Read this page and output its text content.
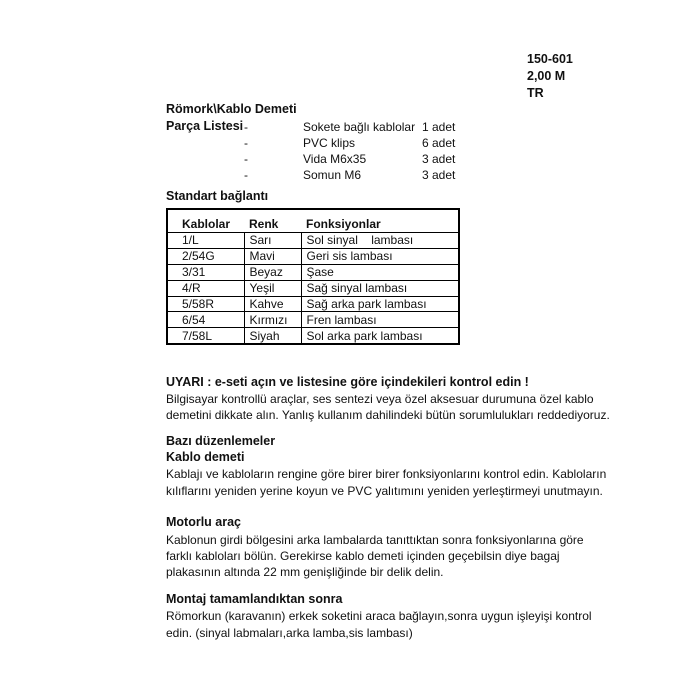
150-601
2,00 M
TR
Römork\Kablo Demeti
Parça Listesi -	Sokete bağlı kablolar 1 adet
-	PVC klips	6 adet
-	Vida M6x35	3 adet
-	Somun M6	3 adet
Standart bağlantı
Kablolar	Renk	Fonksiyonlar
1/L	Sarı	Sol sinyal    lambası
2/54G	Mavi	Geri sis lambası
3/31	Beyaz	Şase
4/R	Yeşil	Sağ sinyal lambası
5/58R	Kahve	Sağ arka park lambası
6/54	Kırmızı	Fren lambası
7/58L	Siyah	Sol arka park lambası
UYARI : e-seti açın ve listesine göre içindekileri kontrol edin !
Bilgisayar kontrollü araçlar, ses sentezi veya özel aksesuar durumuna özel kablo
demetini dikkate alın. Yanlış kullanım dahilindeki bütün sorumlulukları reddediyoruz.
Bazı düzenlemeler
Kablo demeti
Kablajı ve kabloların rengine göre birer birer fonksiyonlarını kontrol edin. Kabloların
kılıflarını yeniden yerine koyun ve PVC yalıtımını yeniden yerleştirmeyi unutmayın.
Motorlu araç
Kablonun girdi bölgesini arka lambalarda tanıttıktan sonra fonksiyonlarına göre
farklı kabloları bölün. Gerekirse kablo demeti içinden geçebilsin diye bagaj
plakasının altında 22 mm genişliğinde bir delik delin.
Montaj tamamlandıktan sonra
Römorkun (karavanın) erkek soketini araca bağlayın,sonra uygun işleyişi kontrol
edin. (sinyal labmaları,arka lamba,sis lambası)
